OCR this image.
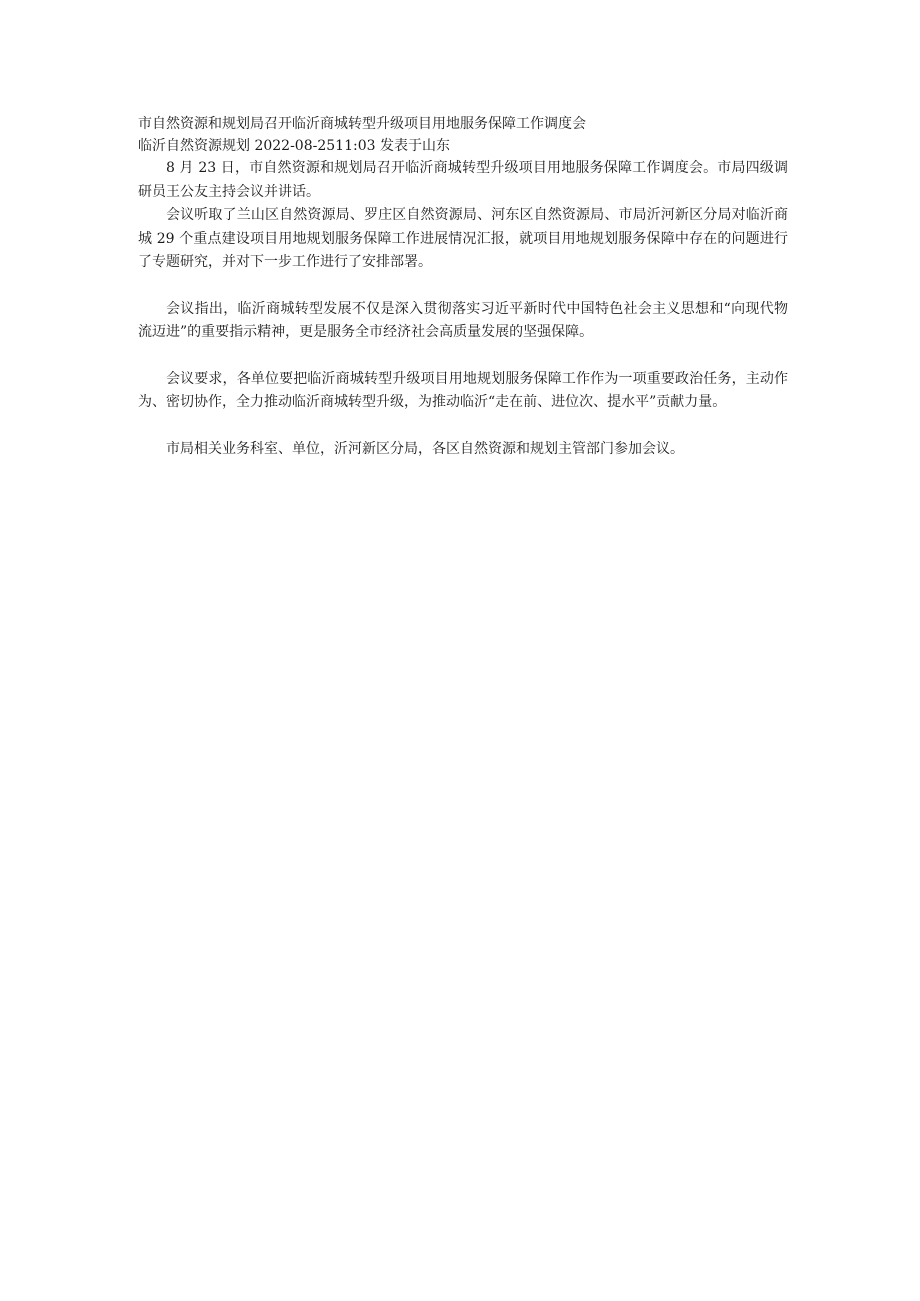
市自然资源和规划局召开临沂商城转型升级项目用地服务保障工作调度会
临沂自然资源规划 2022-08-2511:03 发表于山东

8 月 23 日，市自然资源和规划局召开临沂商城转型升级项目用地服务保障工作调度会。市局四级调研员王公友主持会议并讲话。

会议听取了兰山区自然资源局、罗庄区自然资源局、河东区自然资源局、市局沂河新区分局对临沂商城 29 个重点建设项目用地规划服务保障工作进展情况汇报，就项目用地规划服务保障中存在的问题进行了专题研究，并对下一步工作进行了安排部署。

会议指出，临沂商城转型发展不仅是深入贯彻落实习近平新时代中国特色社会主义思想和“向现代物流迈进”的重要指示精神，更是服务全市经济社会高质量发展的坚强保障。

会议要求，各单位要把临沂商城转型升级项目用地规划服务保障工作作为一项重要政治任务，主动作为、密切协作，全力推动临沂商城转型升级，为推动临沂“走在前、进位次、提水平”贡献力量。

市局相关业务科室、单位，沂河新区分局，各区自然资源和规划主管部门参加会议。
